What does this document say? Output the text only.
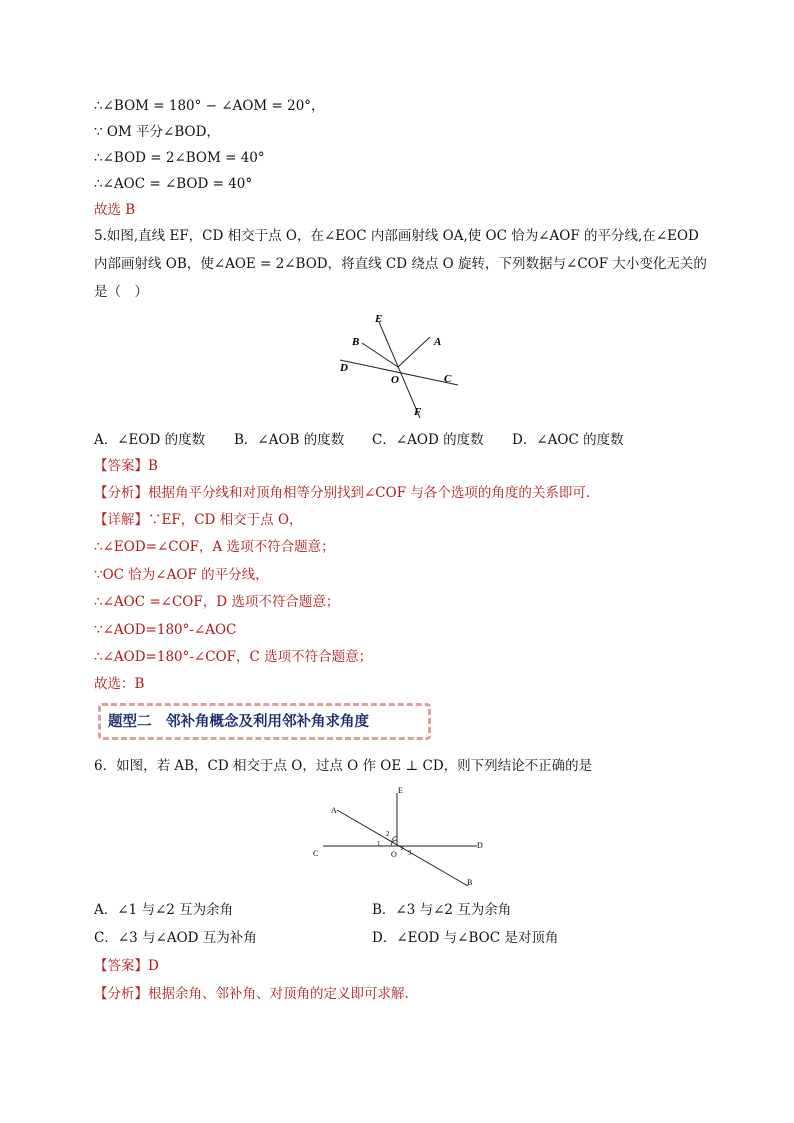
∴∠BOM = 180° − ∠AOM = 20°，
∵ OM 平分∠BOD，
∴∠BOD = 2∠BOM = 40°
∴∠AOC = ∠BOD = 40°
故选 B
5.如图,直线 EF，CD 相交于点 O，在∠EOC 内部画射线 OA,使 OC 恰为∠AOF 的平分线,在∠EOD
内部画射线 OB，使∠AOE = 2∠BOD，将直线 CD 绕点 O 旋转，下列数据与∠COF 大小变化无关的
是（　）
E
B	A
D
O	C
F
A．∠EOD 的度数 B．∠AOB 的度数 C．∠AOD 的度数 D．∠AOC 的度数
【答案】B
【分析】根据角平分线和对顶角相等分别找到∠COF 与各个选项的角度的关系即可．
【详解】∵EF，CD 相交于点 O，
∴∠EOD=∠COF，A 选项不符合题意；
∵OC 恰为∠AOF 的平分线，
∴∠AOC =∠COF，D 选项不符合题意；
∵∠AOD=180°-∠AOC
∴∠AOD=180°-∠COF，C 选项不符合题意；
故选：B
题型二　邻补角概念及利用邻补角求角度
6．如图，若 AB，CD 相交于点 O，过点 O 作 OE ⊥ CD，则下列结论不正确的是
A
E
C
D
B
O
1
2
3
A．∠1 与∠2 互为余角	B．∠3 与∠2 互为余角
C．∠3 与∠AOD 互为补角	D．∠EOD 与∠BOC 是对顶角
【答案】D
【分析】根据余角、邻补角、对顶角的定义即可求解.
